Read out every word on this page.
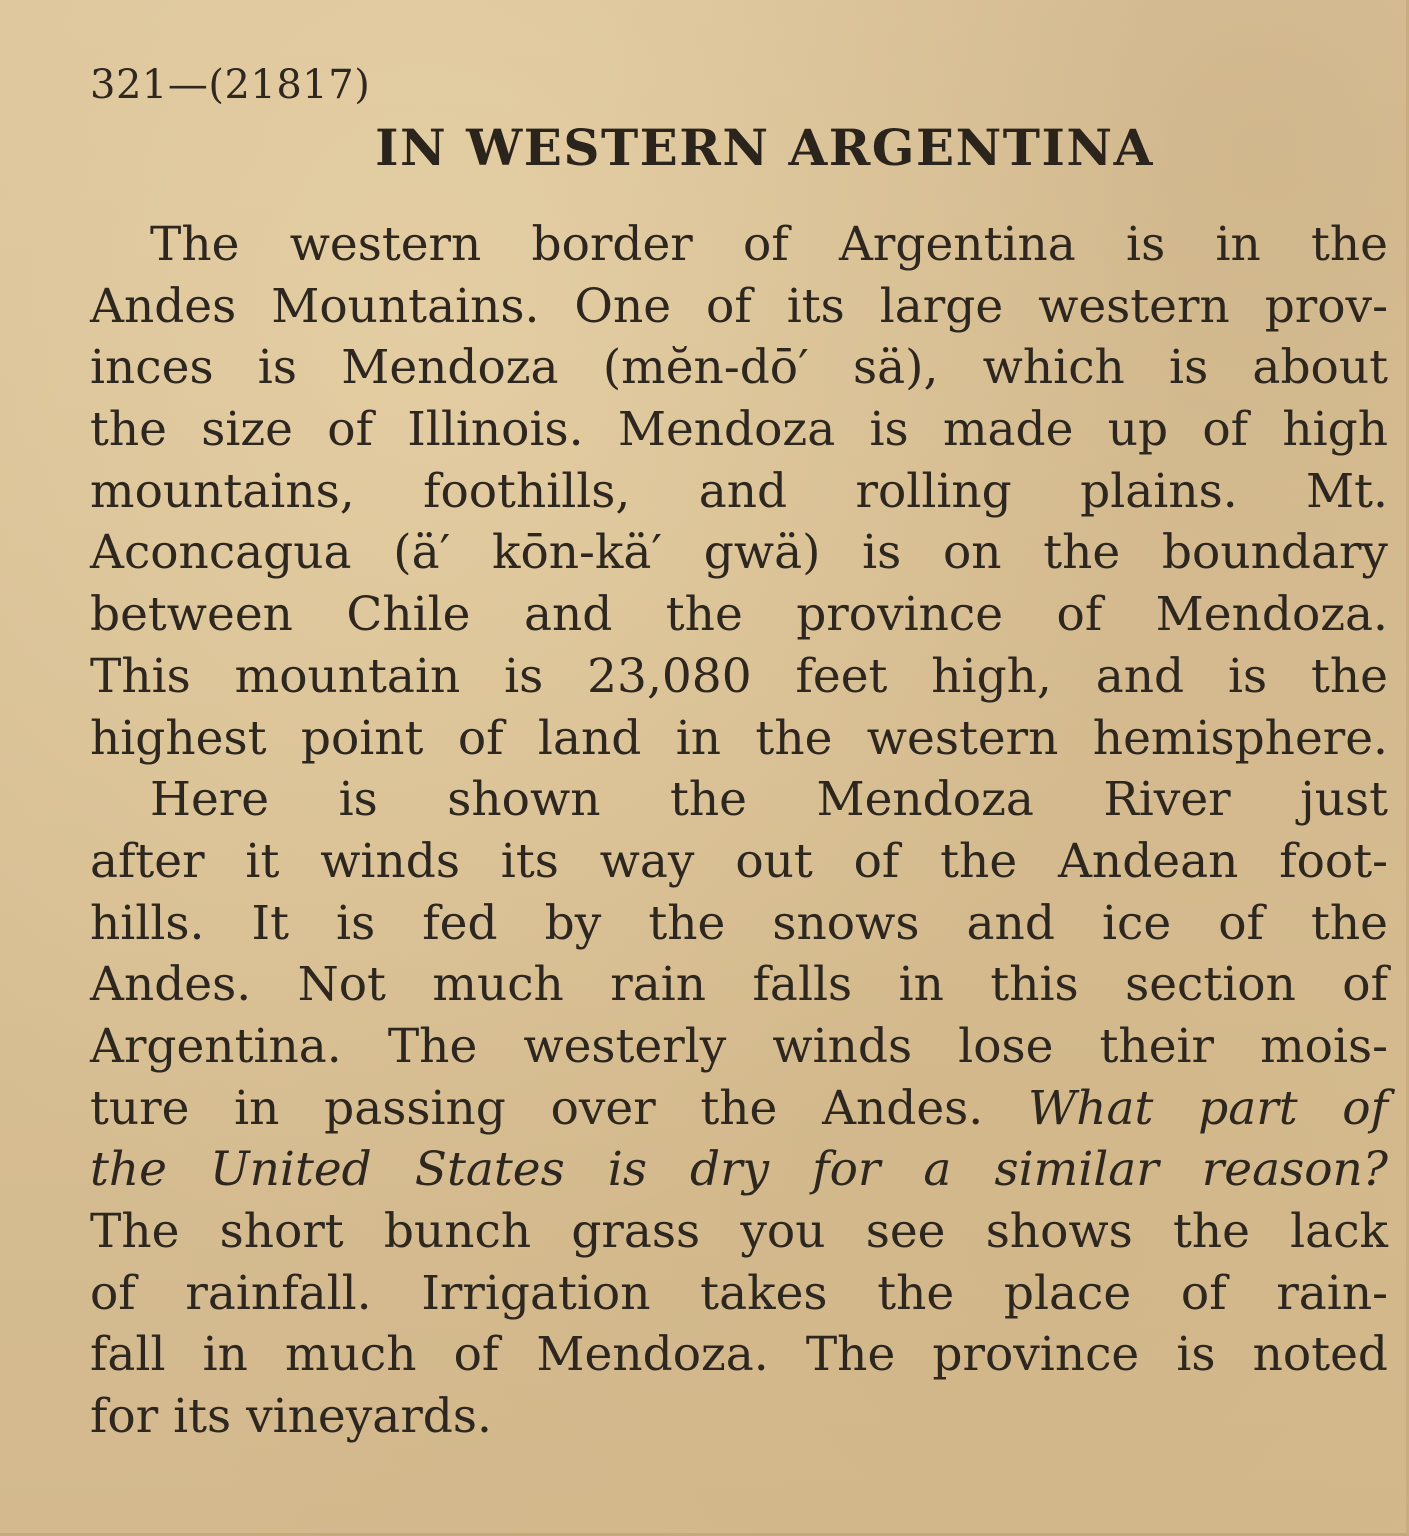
321—(21817)
IN WESTERN ARGENTINA
The western border of Argentina is in the
Andes Mountains. One of its large western prov-
inces is Mendoza (mĕn-dō′ sä), which is about
the size of Illinois. Mendoza is made up of high
mountains, foothills, and rolling plains. Mt.
Aconcagua (ä′ kōn-kä′ gwä) is on the boundary
between Chile and the province of Mendoza.
This mountain is 23,080 feet high, and is the
highest point of land in the western hemisphere.
Here is shown the Mendoza River just
after it winds its way out of the Andean foot-
hills. It is fed by the snows and ice of the
Andes. Not much rain falls in this section of
Argentina. The westerly winds lose their mois-
ture in passing over the Andes. What part of
the United States is dry for a similar reason?
The short bunch grass you see shows the lack
of rainfall. Irrigation takes the place of rain-
fall in much of Mendoza. The province is noted
for its vineyards.
